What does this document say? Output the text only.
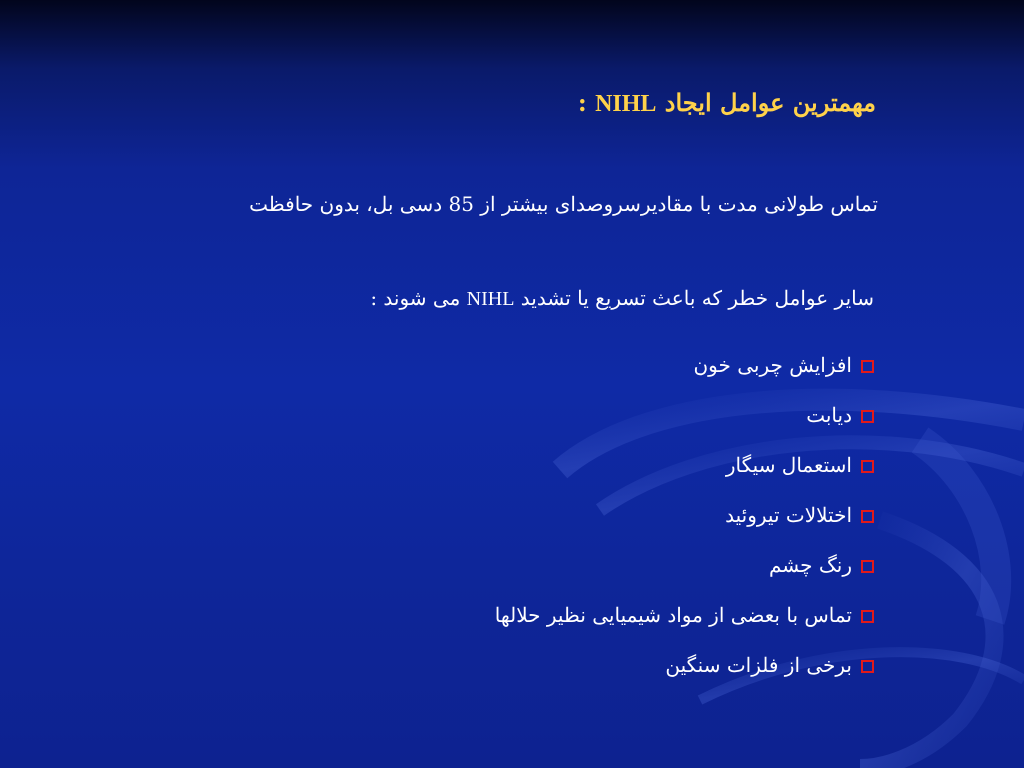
مهمترین عوامل ایجاد NIHL :
تماس طولانی مدت با مقادیرسروصدای بیشتر از 85 دسی بل، بدون حافظت
سایر عوامل خطر که باعث تسریع یا تشدید NIHL می شوند :
افزایش چربی خون
دیابت
استعمال سیگار
اختلالات تیروئید
رنگ چشم
تماس با بعضی از مواد شیمیایی نظیر حلالها
برخی از فلزات سنگین
